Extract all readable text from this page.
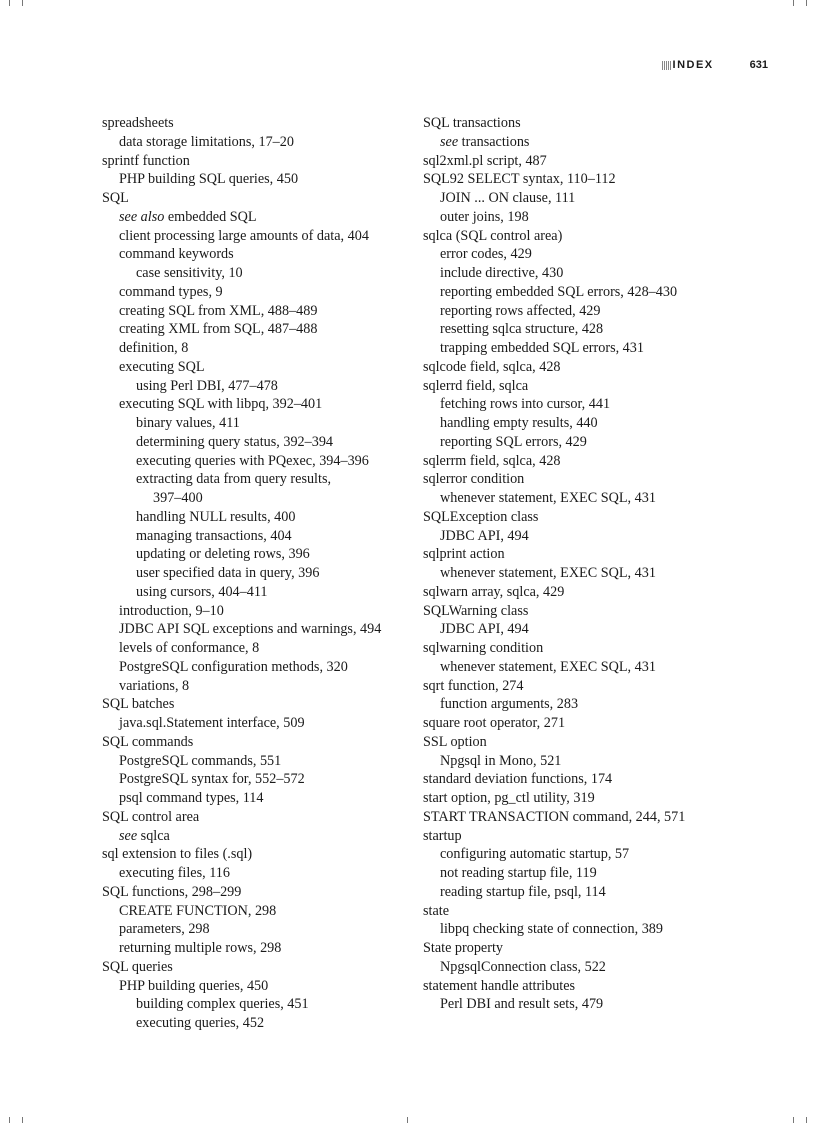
INDEX	631
spreadsheets
data storage limitations, 17–20
sprintf function
PHP building SQL queries, 450
SQL
see also embedded SQL
client processing large amounts of data, 404
command keywords
case sensitivity, 10
command types, 9
creating SQL from XML, 488–489
creating XML from SQL, 487–488
definition, 8
executing SQL
using Perl DBI, 477–478
executing SQL with libpq, 392–401
binary values, 411
determining query status, 392–394
executing queries with PQexec, 394–396
extracting data from query results,
397–400
handling NULL results, 400
managing transactions, 404
updating or deleting rows, 396
user specified data in query, 396
using cursors, 404–411
introduction, 9–10
JDBC API SQL exceptions and warnings, 494
levels of conformance, 8
PostgreSQL configuration methods, 320
variations, 8
SQL batches
java.sql.Statement interface, 509
SQL commands
PostgreSQL commands, 551
PostgreSQL syntax for, 552–572
psql command types, 114
SQL control area
see sqlca
sql extension to files (.sql)
executing files, 116
SQL functions, 298–299
CREATE FUNCTION, 298
parameters, 298
returning multiple rows, 298
SQL queries
PHP building queries, 450
building complex queries, 451
executing queries, 452
SQL transactions
see transactions
sql2xml.pl script, 487
SQL92 SELECT syntax, 110–112
JOIN ... ON clause, 111
outer joins, 198
sqlca (SQL control area)
error codes, 429
include directive, 430
reporting embedded SQL errors, 428–430
reporting rows affected, 429
resetting sqlca structure, 428
trapping embedded SQL errors, 431
sqlcode field, sqlca, 428
sqlerrd field, sqlca
fetching rows into cursor, 441
handling empty results, 440
reporting SQL errors, 429
sqlerrm field, sqlca, 428
sqlerror condition
whenever statement, EXEC SQL, 431
SQLException class
JDBC API, 494
sqlprint action
whenever statement, EXEC SQL, 431
sqlwarn array, sqlca, 429
SQLWarning class
JDBC API, 494
sqlwarning condition
whenever statement, EXEC SQL, 431
sqrt function, 274
function arguments, 283
square root operator, 271
SSL option
Npgsql in Mono, 521
standard deviation functions, 174
start option, pg_ctl utility, 319
START TRANSACTION command, 244, 571
startup
configuring automatic startup, 57
not reading startup file, 119
reading startup file, psql, 114
state
libpq checking state of connection, 389
State property
NpgsqlConnection class, 522
statement handle attributes
Perl DBI and result sets, 479
